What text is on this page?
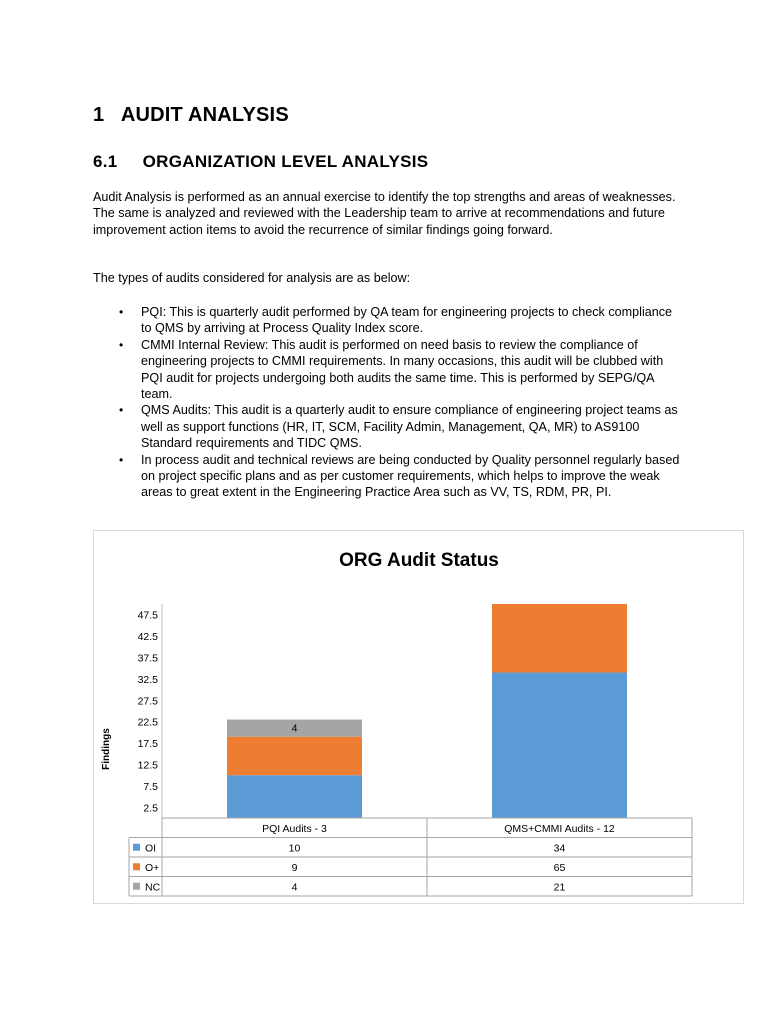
1   AUDIT ANALYSIS
6.1     ORGANIZATION LEVEL ANALYSIS

Audit Analysis is performed as an annual exercise to identify the top strengths and areas of weaknesses. The same is analyzed and reviewed with the Leadership team to arrive at recommendations and future improvement action items to avoid the recurrence of similar findings going forward.

The types of audits considered for analysis are as below:

• PQI: This is quarterly audit performed by QA team for engineering projects to check compliance to QMS by arriving at Process Quality Index score.
• CMMI Internal Review: This audit is performed on need basis to review the compliance of engineering projects to CMMI requirements. In many occasions, this audit will be clubbed with PQI audit for projects undergoing both audits the same time. This is performed by SEPG/QA team.
• QMS Audits: This audit is a quarterly audit to ensure compliance of engineering project teams as well as support functions (HR, IT, SCM, Facility Admin, Management, QA, MR) to AS9100 Standard requirements and TIDC QMS.
• In process audit and technical reviews are being conducted by Quality personnel regularly based on project specific plans and as per customer requirements, which helps to improve the weak areas to great extent in the Engineering Practice Area such as VV, TS, RDM, PR, PI.
ORG Audit Status
Findings
2.5
7.5
12.5
17.5
22.5
27.5
32.5
37.5
42.5
47.5
4
PQI Audits - 3	QMS+CMMI Audits - 12
OI	10	34
O+	9	65
NC	4	21
